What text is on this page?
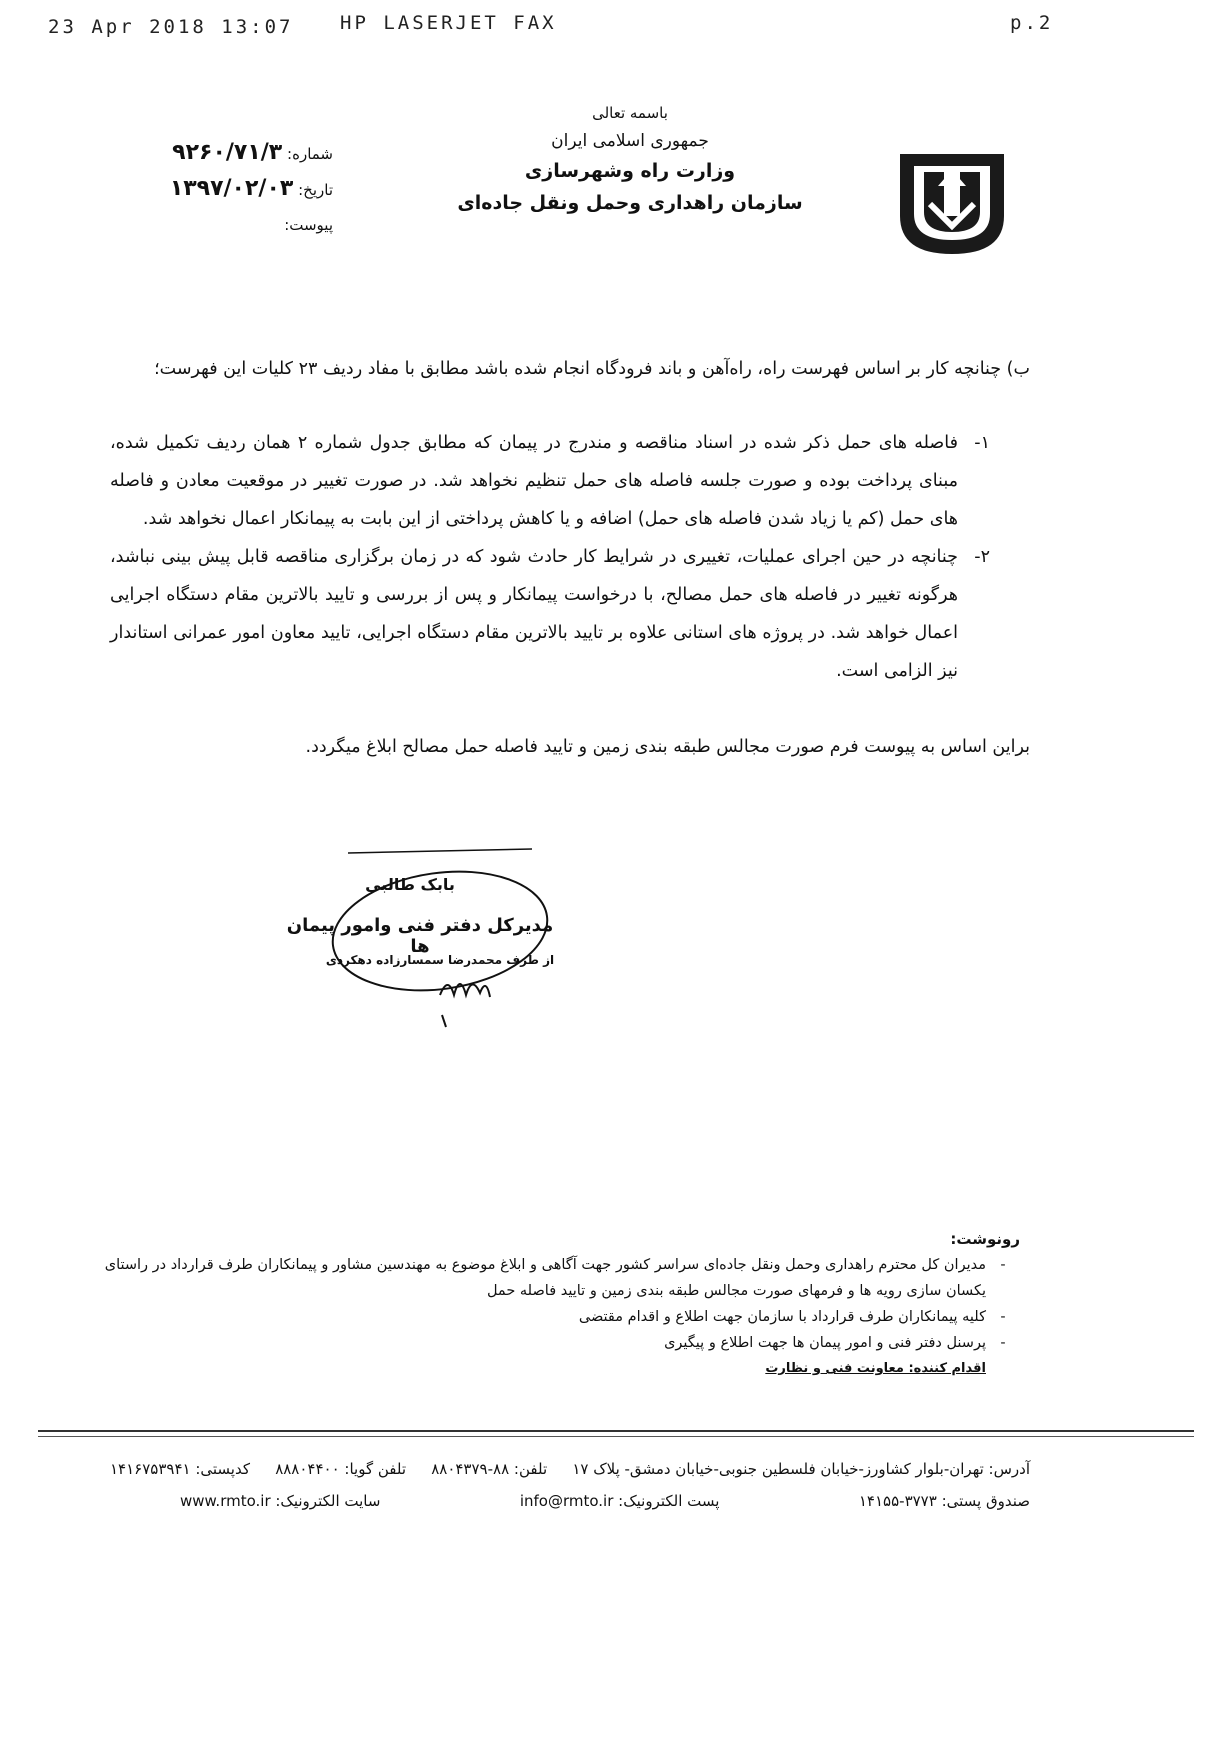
23 Apr 2018 13:07 HP LASERJET FAX	p.2
باسمه تعالی
جمهوری اسلامی ایران
وزارت راه وشهرسازی
سازمان راهداری وحمل ونقل جاده‌ای
شماره: ۹۲۶۰/۷۱/۳
تاریخ: ۱۳۹۷/۰۲/۰۳
پیوست:
ب) چنانچه کار بر اساس فهرست راه، راه‌آهن و باند فرودگاه انجام شده باشد مطابق با مفاد ردیف ۲۳ کلیات این فهرست؛
۱-
فاصله های حمل ذکر شده در اسناد مناقصه و مندرج در پیمان که مطابق جدول شماره ۲ همان ردیف تکمیل شده، مبنای پرداخت بوده و صورت جلسه فاصله های حمل تنظیم نخواهد شد. در صورت تغییر در موقعیت معادن و فاصله های حمل (کم یا زیاد شدن فاصله های حمل) اضافه و یا کاهش پرداختی از این بابت به پیمانکار اعمال نخواهد شد.
۲-
چنانچه در حین اجرای عملیات، تغییری در شرایط کار حادث شود که در زمان برگزاری مناقصه قابل پیش بینی نباشد، هرگونه تغییر در فاصله های حمل مصالح، با درخواست پیمانکار و پس از بررسی و تایید بالاترین مقام دستگاه اجرایی اعمال خواهد شد. در پروژه های استانی علاوه بر تایید بالاترین مقام دستگاه اجرایی، تایید معاون امور عمرانی استاندار نیز الزامی است.
براین اساس به پیوست فرم صورت مجالس طبقه بندی زمین و تایید فاصله حمل مصالح ابلاغ میگردد.
بابک طالبی
مدیرکل دفتر فنی وامور پیمان ها
از طرف محمدرضا سمسارزاده دهکردی
رونوشت:
-
مدیران کل محترم راهداری وحمل ونقل جاده‌ای سراسر کشور جهت آگاهی و ابلاغ موضوع به مهندسین مشاور و پیمانکاران طرف قرارداد در راستای یکسان سازی رویه ها و فرمهای صورت مجالس طبقه بندی زمین و تایید فاصله حمل
-
کلیه پیمانکاران طرف قرارداد با سازمان جهت اطلاع و اقدام مقتضی
-
پرسنل دفتر فنی و امور پیمان ها جهت اطلاع و پیگیری
اقدام کننده: معاونت فنی و نظارت
آدرس: تهران-بلوار کشاورز-خیابان فلسطین جنوبی-خیابان دمشق- پلاک ۱۷
تلفن: ۸۸-۸۸۰۴۳۷۹
تلفن گویا: ۸۸۸۰۴۴۰۰
کدپستی: ۱۴۱۶۷۵۳۹۴۱
صندوق پستی: ۳۷۷۳-۱۴۱۵۵
پست الکترونیک: info@rmto.ir
سایت الکترونیک: www.rmto.ir
